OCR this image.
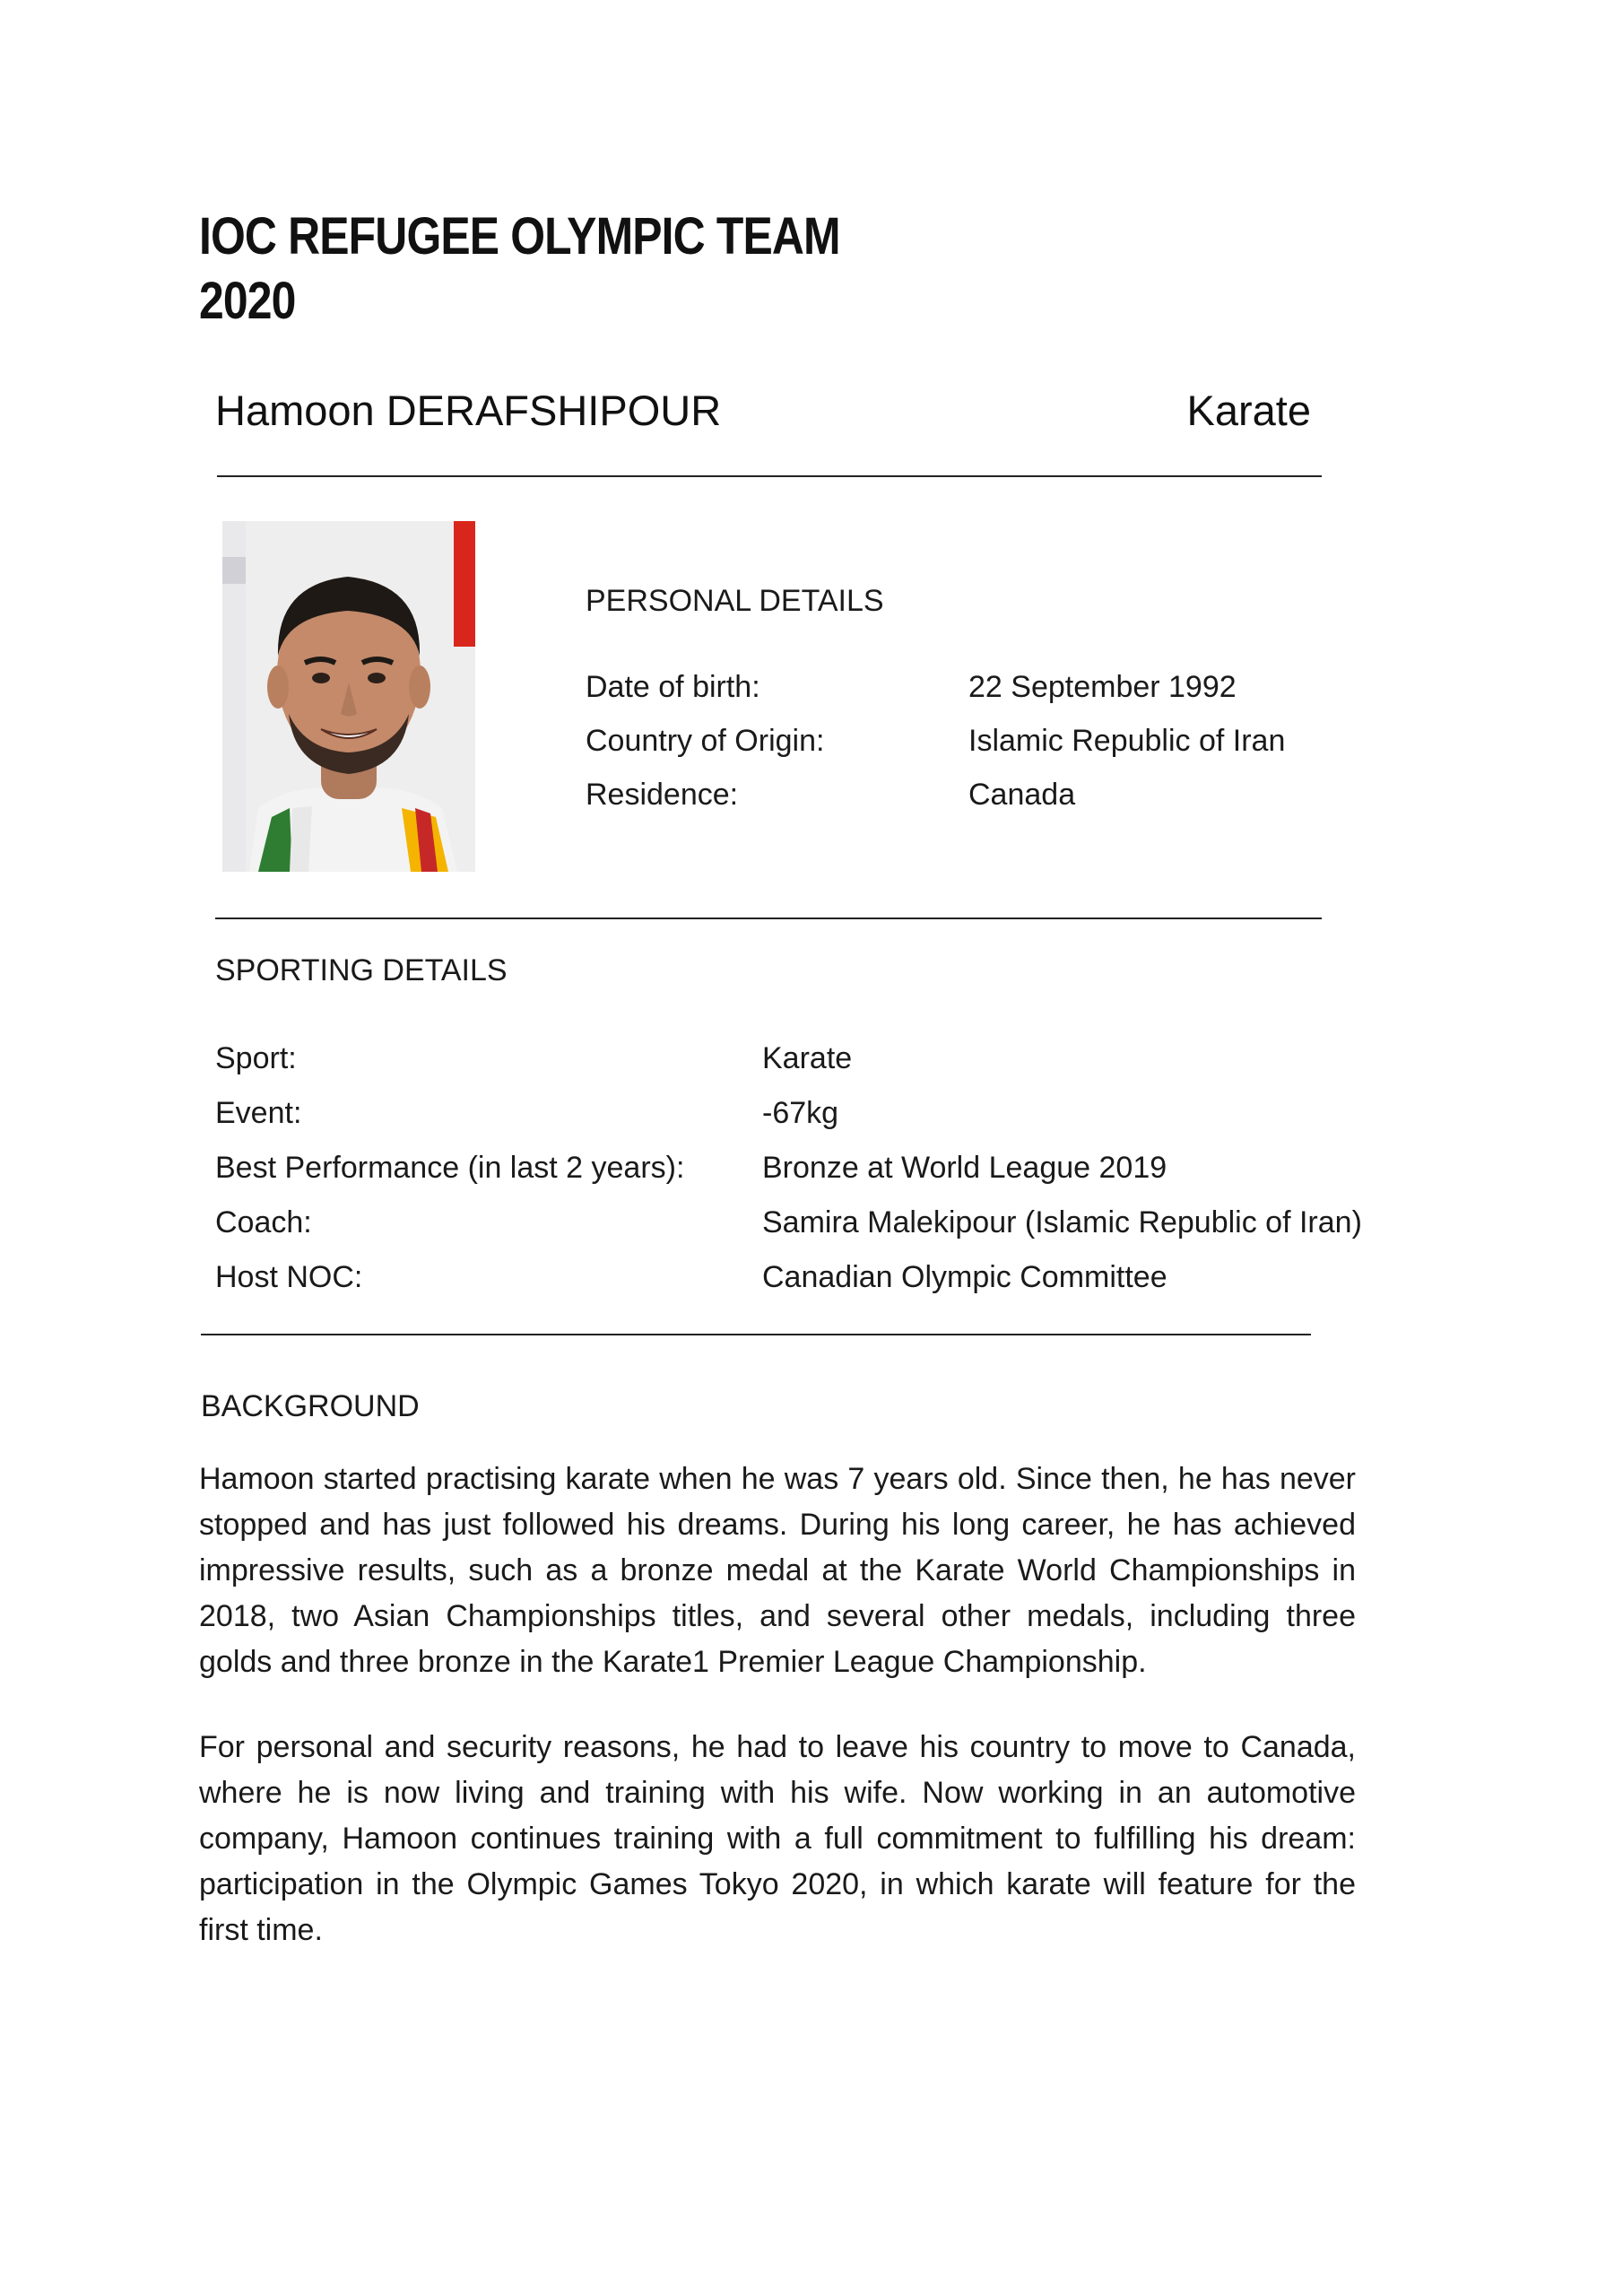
IOC REFUGEE OLYMPIC TEAM 2020
Hamoon DERAFSHIPOUR	Karate
PERSONAL DETAILS
Date of birth:	22 September 1992
Country of Origin:	Islamic Republic of Iran
Residence:	Canada
SPORTING DETAILS
Sport:	Karate
Event:	-67kg
Best Performance (in last 2 years):	Bronze at World League 2019
Coach:	Samira Malekipour (Islamic Republic of Iran)
Host NOC:	Canadian Olympic Committee
BACKGROUND
Hamoon started practising karate when he was 7 years old. Since then, he has never stopped and has just followed his dreams. During his long career, he has achieved impressive results, such as a bronze medal at the Karate World Championships in 2018, two Asian Championships titles, and several other medals, including three golds and three bronze in the Karate1 Premier League Championship.
For personal and security reasons, he had to leave his country to move to Canada, where he is now living and training with his wife. Now working in an automotive company, Hamoon continues training with a full commitment to fulfilling his dream: participation in the Olympic Games Tokyo 2020, in which karate will feature for the first time.
